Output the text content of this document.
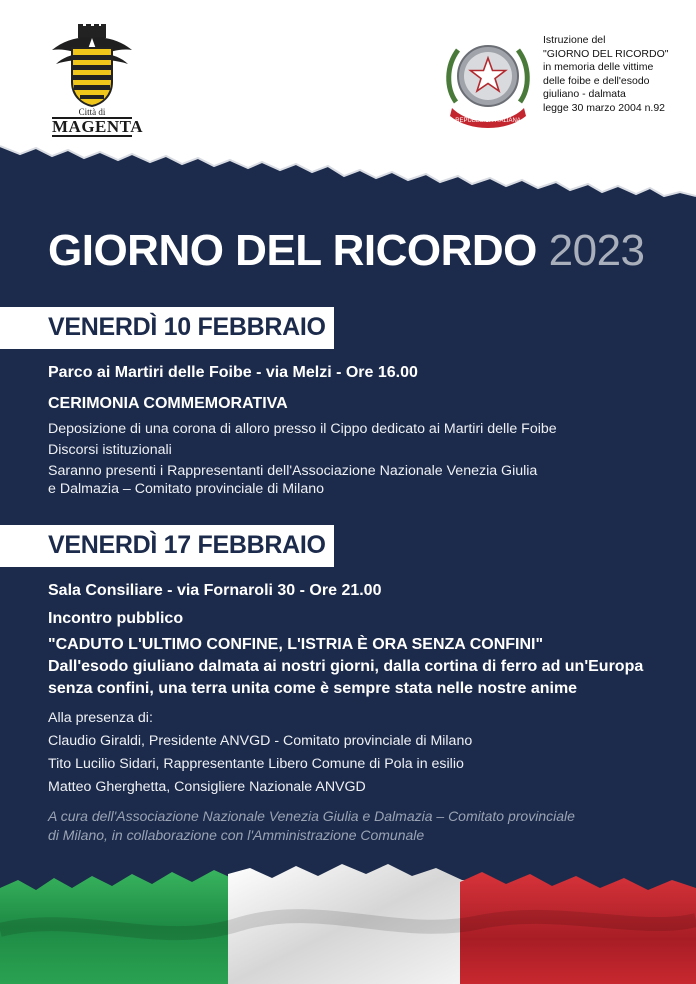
Città di
MAGENTA	REPUBBLICA ITALIANA
Istruzione del
"GIORNO DEL RICORDO"
in memoria delle vittime
delle foibe e dell'esodo
giuliano - dalmata
legge 30 marzo 2004 n.92
GIORNO DEL RICORDO 2023
VENERDÌ 10 FEBBRAIO
Parco ai Martiri delle Foibe - via Melzi - Ore 16.00
CERIMONIA COMMEMORATIVA
Deposizione di una corona di alloro presso il Cippo dedicato ai Martiri delle Foibe
Discorsi istituzionali
Saranno presenti i Rappresentanti dell'Associazione Nazionale Venezia Giulia
e Dalmazia – Comitato provinciale di Milano
VENERDÌ 17 FEBBRAIO
Sala Consiliare - via Fornaroli 30 - Ore 21.00
Incontro pubblico
"CADUTO L'ULTIMO CONFINE, L'ISTRIA È ORA SENZA CONFINI"
Dall'esodo giuliano dalmata ai nostri giorni, dalla cortina di ferro ad un'Europa
senza confini, una terra unita come è sempre stata nelle nostre anime
Alla presenza di:
Claudio Giraldi, Presidente ANVGD - Comitato provinciale di Milano
Tito Lucilio Sidari, Rappresentante Libero Comune di Pola in esilio
Matteo Gherghetta, Consigliere Nazionale ANVGD
A cura dell'Associazione Nazionale Venezia Giulia e Dalmazia – Comitato provinciale
di Milano, in collaborazione con l'Amministrazione Comunale
